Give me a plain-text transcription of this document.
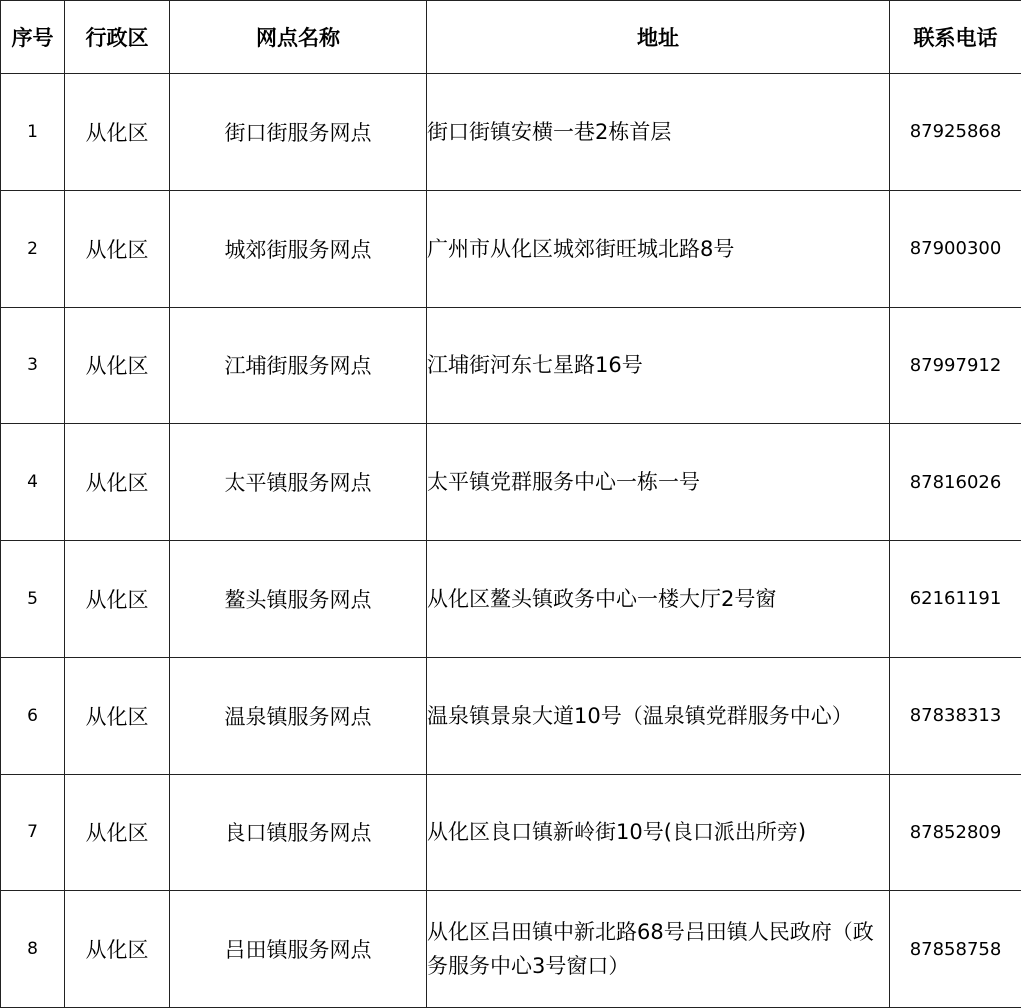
序号	行政区	网点名称	地址	联系电话
1	从化区	街口街服务网点	街口街镇安横一巷2栋首层	87925868
2	从化区	城郊街服务网点	广州市从化区城郊街旺城北路8号	87900300
3	从化区	江埔街服务网点	江埔街河东七星路16号	87997912
4	从化区	太平镇服务网点	太平镇党群服务中心一栋一号	87816026
5	从化区	鳌头镇服务网点	从化区鳌头镇政务中心一楼大厅2号窗	62161191
6	从化区	温泉镇服务网点	温泉镇景泉大道10号（温泉镇党群服务中心）	87838313
7	从化区	良口镇服务网点	从化区良口镇新岭街10号(良口派出所旁)	87852809
8	从化区	吕田镇服务网点	从化区吕田镇中新北路68号吕田镇人民政府（政务服务中心3号窗口）	87858758
